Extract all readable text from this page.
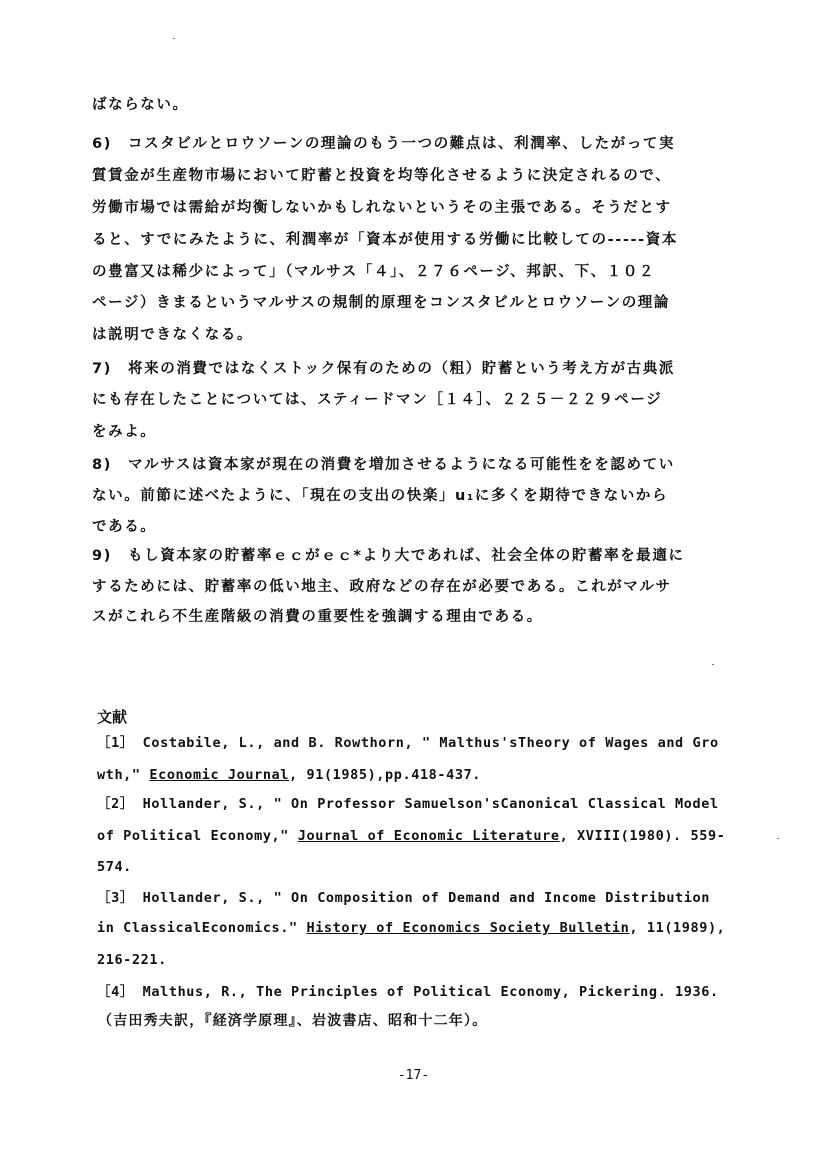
ばならない。
6)　コスタビルとロウソーンの理論のもう一つの難点は、利潤率、したがって実
質賃金が生産物市場において貯蓄と投資を均等化させるように決定されるので、
労働市場では需給が均衡しないかもしれないというその主張である。そうだとす
ると、すでにみたように、利潤率が「資本が使用する労働に比較しての-----資本
の豊富又は稀少によって」（マルサス「４」、２７６ページ、邦訳、下、１０２
ページ）きまるというマルサスの規制的原理をコンスタビルとロウソーンの理論
は説明できなくなる。
7)　将来の消費ではなくストック保有のための（粗）貯蓄という考え方が古典派
にも存在したことについては、スティードマン［１４］、２２５－２２９ページ
をみよ。
8)　マルサスは資本家が現在の消費を増加させるようになる可能性をを認めてい
ない。前節に述べたように、「現在の支出の快楽」u₁に多くを期待できないから
である。
9)　もし資本家の貯蓄率ｅｃがｅｃ*より大であれば、社会全体の貯蓄率を最適に
するためには、貯蓄率の低い地主、政府などの存在が必要である。これがマルサ
スがこれら不生産階級の消費の重要性を強調する理由である。
文献
［1］ Costabile, L., and B. Rowthorn, " Malthus'sTheory of Wages and Gro
wth," Economic Journal, 91(1985),pp.418-437.
［2］ Hollander, S., " On Professor Samuelson'sCanonical Classical Model
of Political Economy," Journal of Economic Literature, XVIII(1980). 559-
574.
［3］ Hollander, S., " On Composition of Demand and Income Distribution
in ClassicalEconomics." History of Economics Society Bulletin, 11(1989),
216-221.
［4］ Malthus, R., The Principles of Political Economy, Pickering. 1936.
（吉田秀夫訳，『経済学原理』、岩波書店、昭和十二年）。
-17-
